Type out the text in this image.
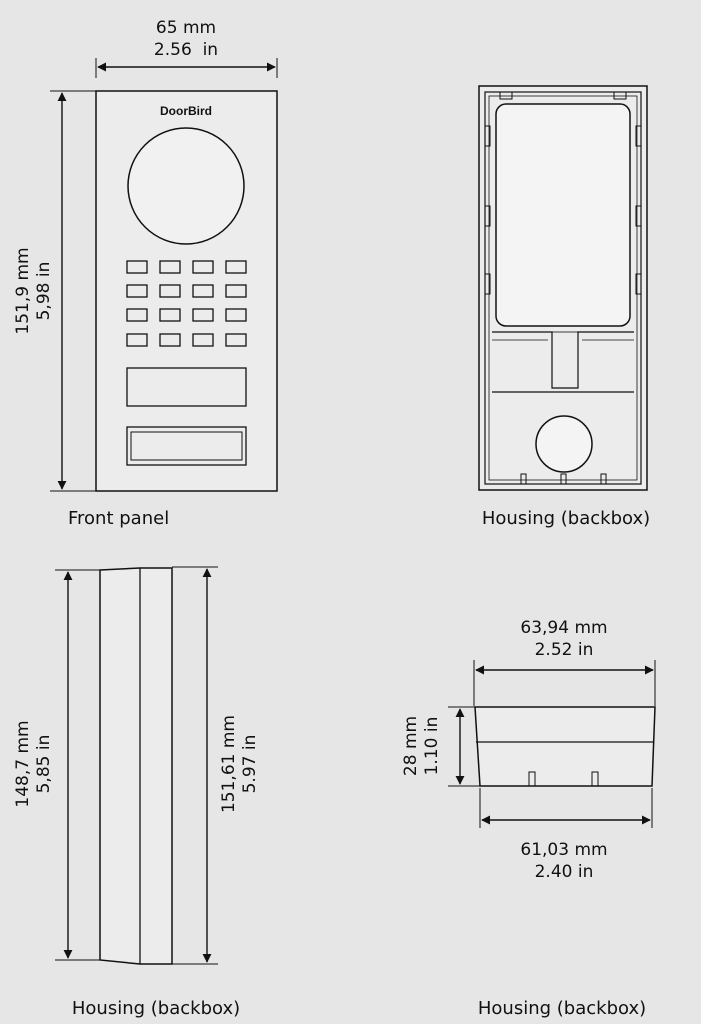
65 mm
2.56  in
151,9 mm 5,98 in
DoorBird
Front panel	Housing (backbox)
148,7 mm 5,85 in	151,61 mm 5.97 in
Housing (backbox)
63,94 mm
2.52 in
28 mm 1.10 in
61,03 mm
2.40 in
Housing (backbox)
